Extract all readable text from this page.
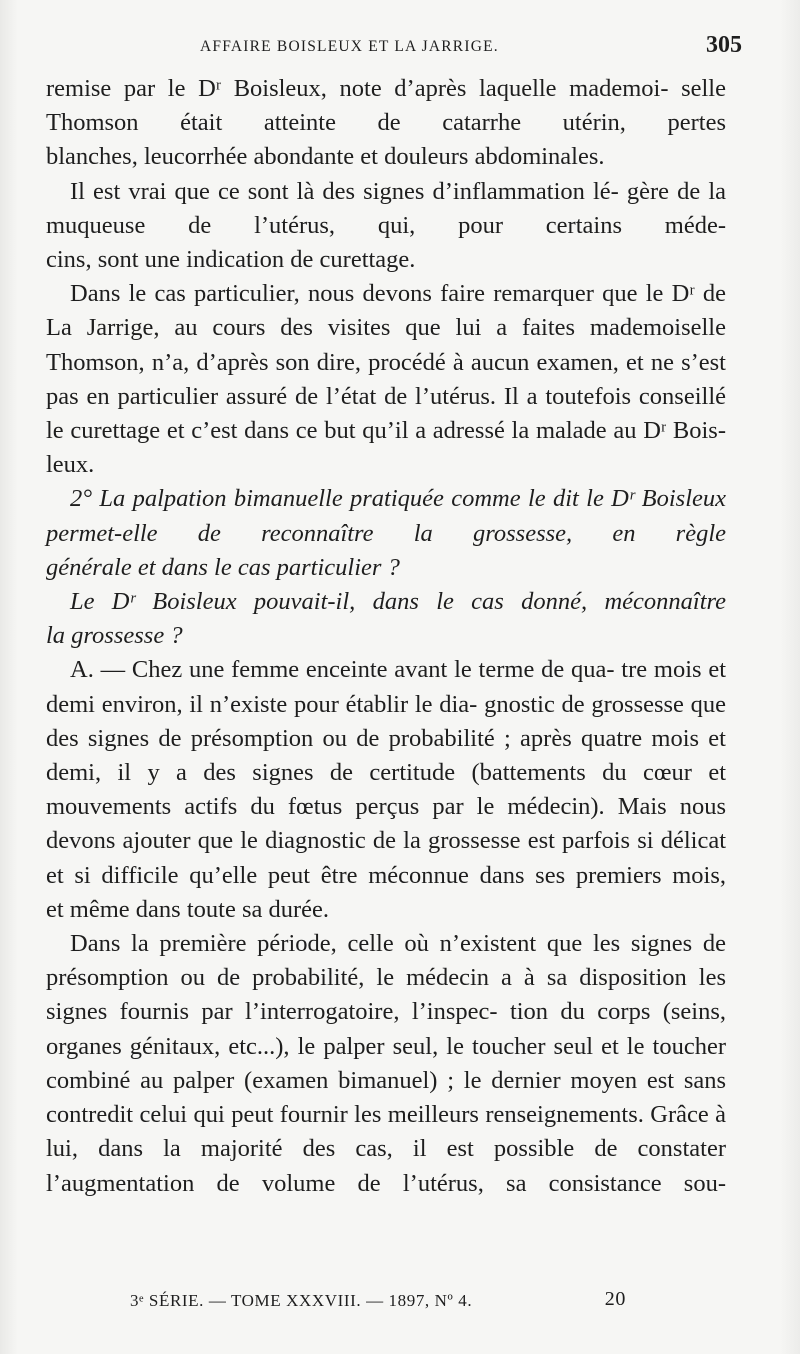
AFFAIRE BOISLEUX ET LA JARRIGE.	305

remise par le Dʳ Boisleux, note d’après laquelle mademoi- selle Thomson était atteinte de catarrhe utérin, pertes

blanches, leucorrhée abondante et douleurs abdominales.

Il est vrai que ce sont là des signes d’inflammation lé- gère de la muqueuse de l’utérus, qui, pour certains méde-

cins, sont une indication de curettage.

Dans le cas particulier, nous devons faire remarquer que le Dʳ de La Jarrige, au cours des visites que lui a faites mademoiselle Thomson, n’a, d’après son dire, procédé à aucun examen, et ne s’est pas en particulier assuré de l’état de l’utérus. Il a toutefois conseillé le curettage et c’est dans ce but qu’il a adressé la malade au Dʳ Bois-

leux.

2° La palpation bimanuelle pratiquée comme le dit le Dʳ Boisleux permet-elle de reconnaître la grossesse, en règle

générale et dans le cas particulier ?

Le Dʳ Boisleux pouvait-il, dans le cas donné, méconnaître

la grossesse ?

A. — Chez une femme enceinte avant le terme de qua- tre mois et demi environ, il n’existe pour établir le dia- gnostic de grossesse que des signes de présomption ou de probabilité ; après quatre mois et demi, il y a des signes de certitude (battements du cœur et mouvements actifs du fœtus perçus par le médecin). Mais nous devons ajouter que le diagnostic de la grossesse est parfois si délicat et si difficile qu’elle peut être méconnue dans ses premiers mois,

et même dans toute sa durée.

Dans la première période, celle où n’existent que les signes de présomption ou de probabilité, le médecin a à sa disposition les signes fournis par l’interrogatoire, l’inspec- tion du corps (seins, organes génitaux, etc...), le palper seul, le toucher seul et le toucher combiné au palper (examen bimanuel) ; le dernier moyen est sans contredit celui qui peut fournir les meilleurs renseignements. Grâce à lui, dans la majorité des cas, il est possible de constater l’augmentation de volume de l’utérus, sa consistance sou-

3ᵉ SÉRIE. — TOME XXXVIII. — 1897, Nº 4.	20
